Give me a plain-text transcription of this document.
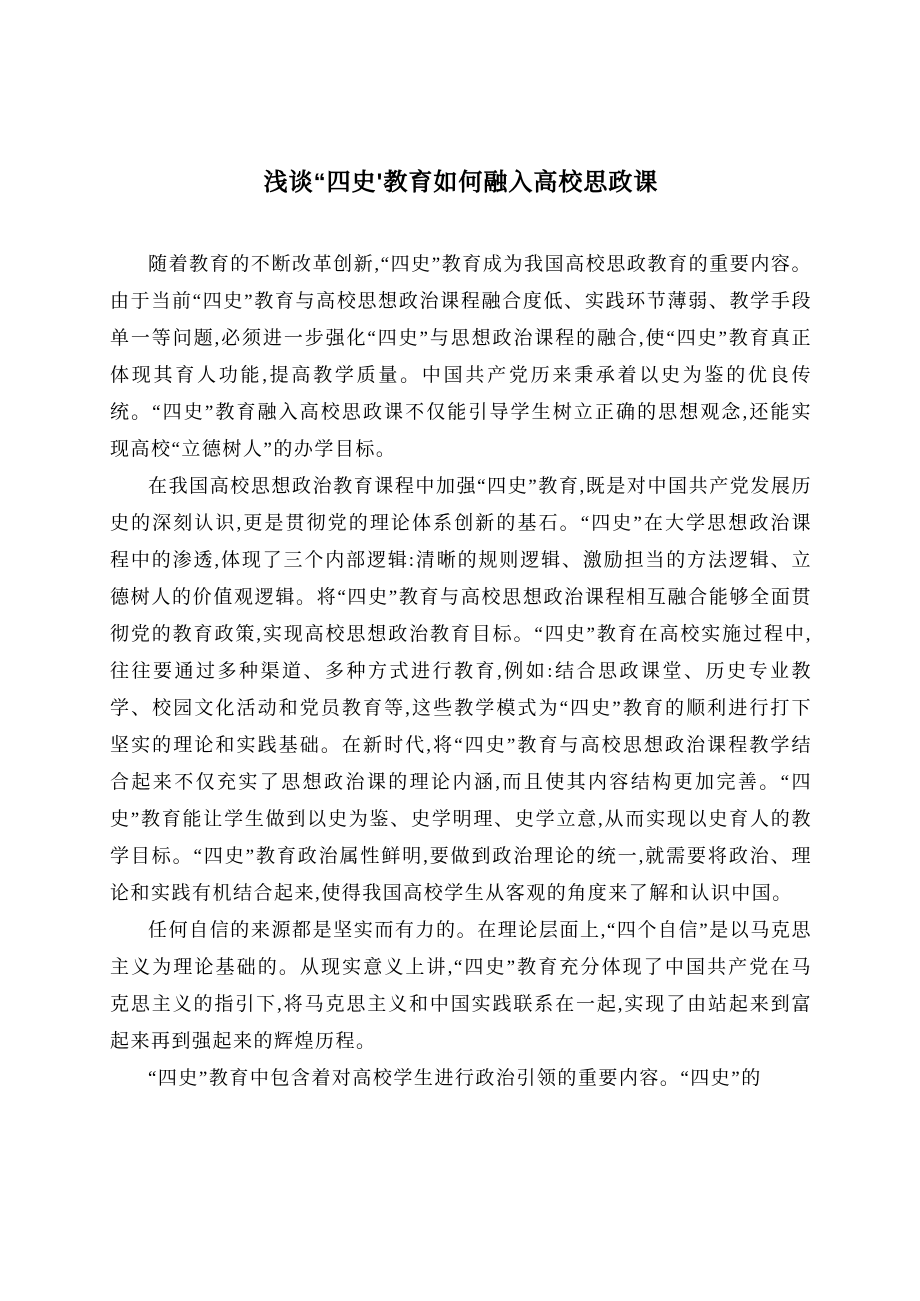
浅谈“四史'教育如何融入高校思政课

随着教育的不断改革创新,“四史”教育成为我国高校思政教育的重要内容。由于当前“四史”教育与高校思想政治课程融合度低、实践环节薄弱、教学手段单一等问题,必须进一步强化“四史”与思想政治课程的融合,使“四史”教育真正体现其育人功能,提高教学质量。中国共产党历来秉承着以史为鉴的优良传统。“四史”教育融入高校思政课不仅能引导学生树立正确的思想观念,还能实现高校“立德树人”的办学目标。

在我国高校思想政治教育课程中加强“四史”教育,既是对中国共产党发展历史的深刻认识,更是贯彻党的理论体系创新的基石。“四史”在大学思想政治课程中的渗透,体现了三个内部逻辑:清晰的规则逻辑、激励担当的方法逻辑、立德树人的价值观逻辑。将“四史”教育与高校思想政治课程相互融合能够全面贯彻党的教育政策,实现高校思想政治教育目标。“四史”教育在高校实施过程中,往往要通过多种渠道、多种方式进行教育,例如:结合思政课堂、历史专业教学、校园文化活动和党员教育等,这些教学模式为“四史”教育的顺利进行打下坚实的理论和实践基础。在新时代,将“四史”教育与高校思想政治课程教学结合起来不仅充实了思想政治课的理论内涵,而且使其内容结构更加完善。“四史”教育能让学生做到以史为鉴、史学明理、史学立意,从而实现以史育人的教学目标。“四史”教育政治属性鲜明,要做到政治理论的统一,就需要将政治、理论和实践有机结合起来,使得我国高校学生从客观的角度来了解和认识中国。

任何自信的来源都是坚实而有力的。在理论层面上,“四个自信”是以马克思主义为理论基础的。从现实意义上讲,“四史”教育充分体现了中国共产党在马克思主义的指引下,将马克思主义和中国实践联系在一起,实现了由站起来到富起来再到强起来的辉煌历程。

“四史”教育中包含着对高校学生进行政治引领的重要内容。“四史”的
